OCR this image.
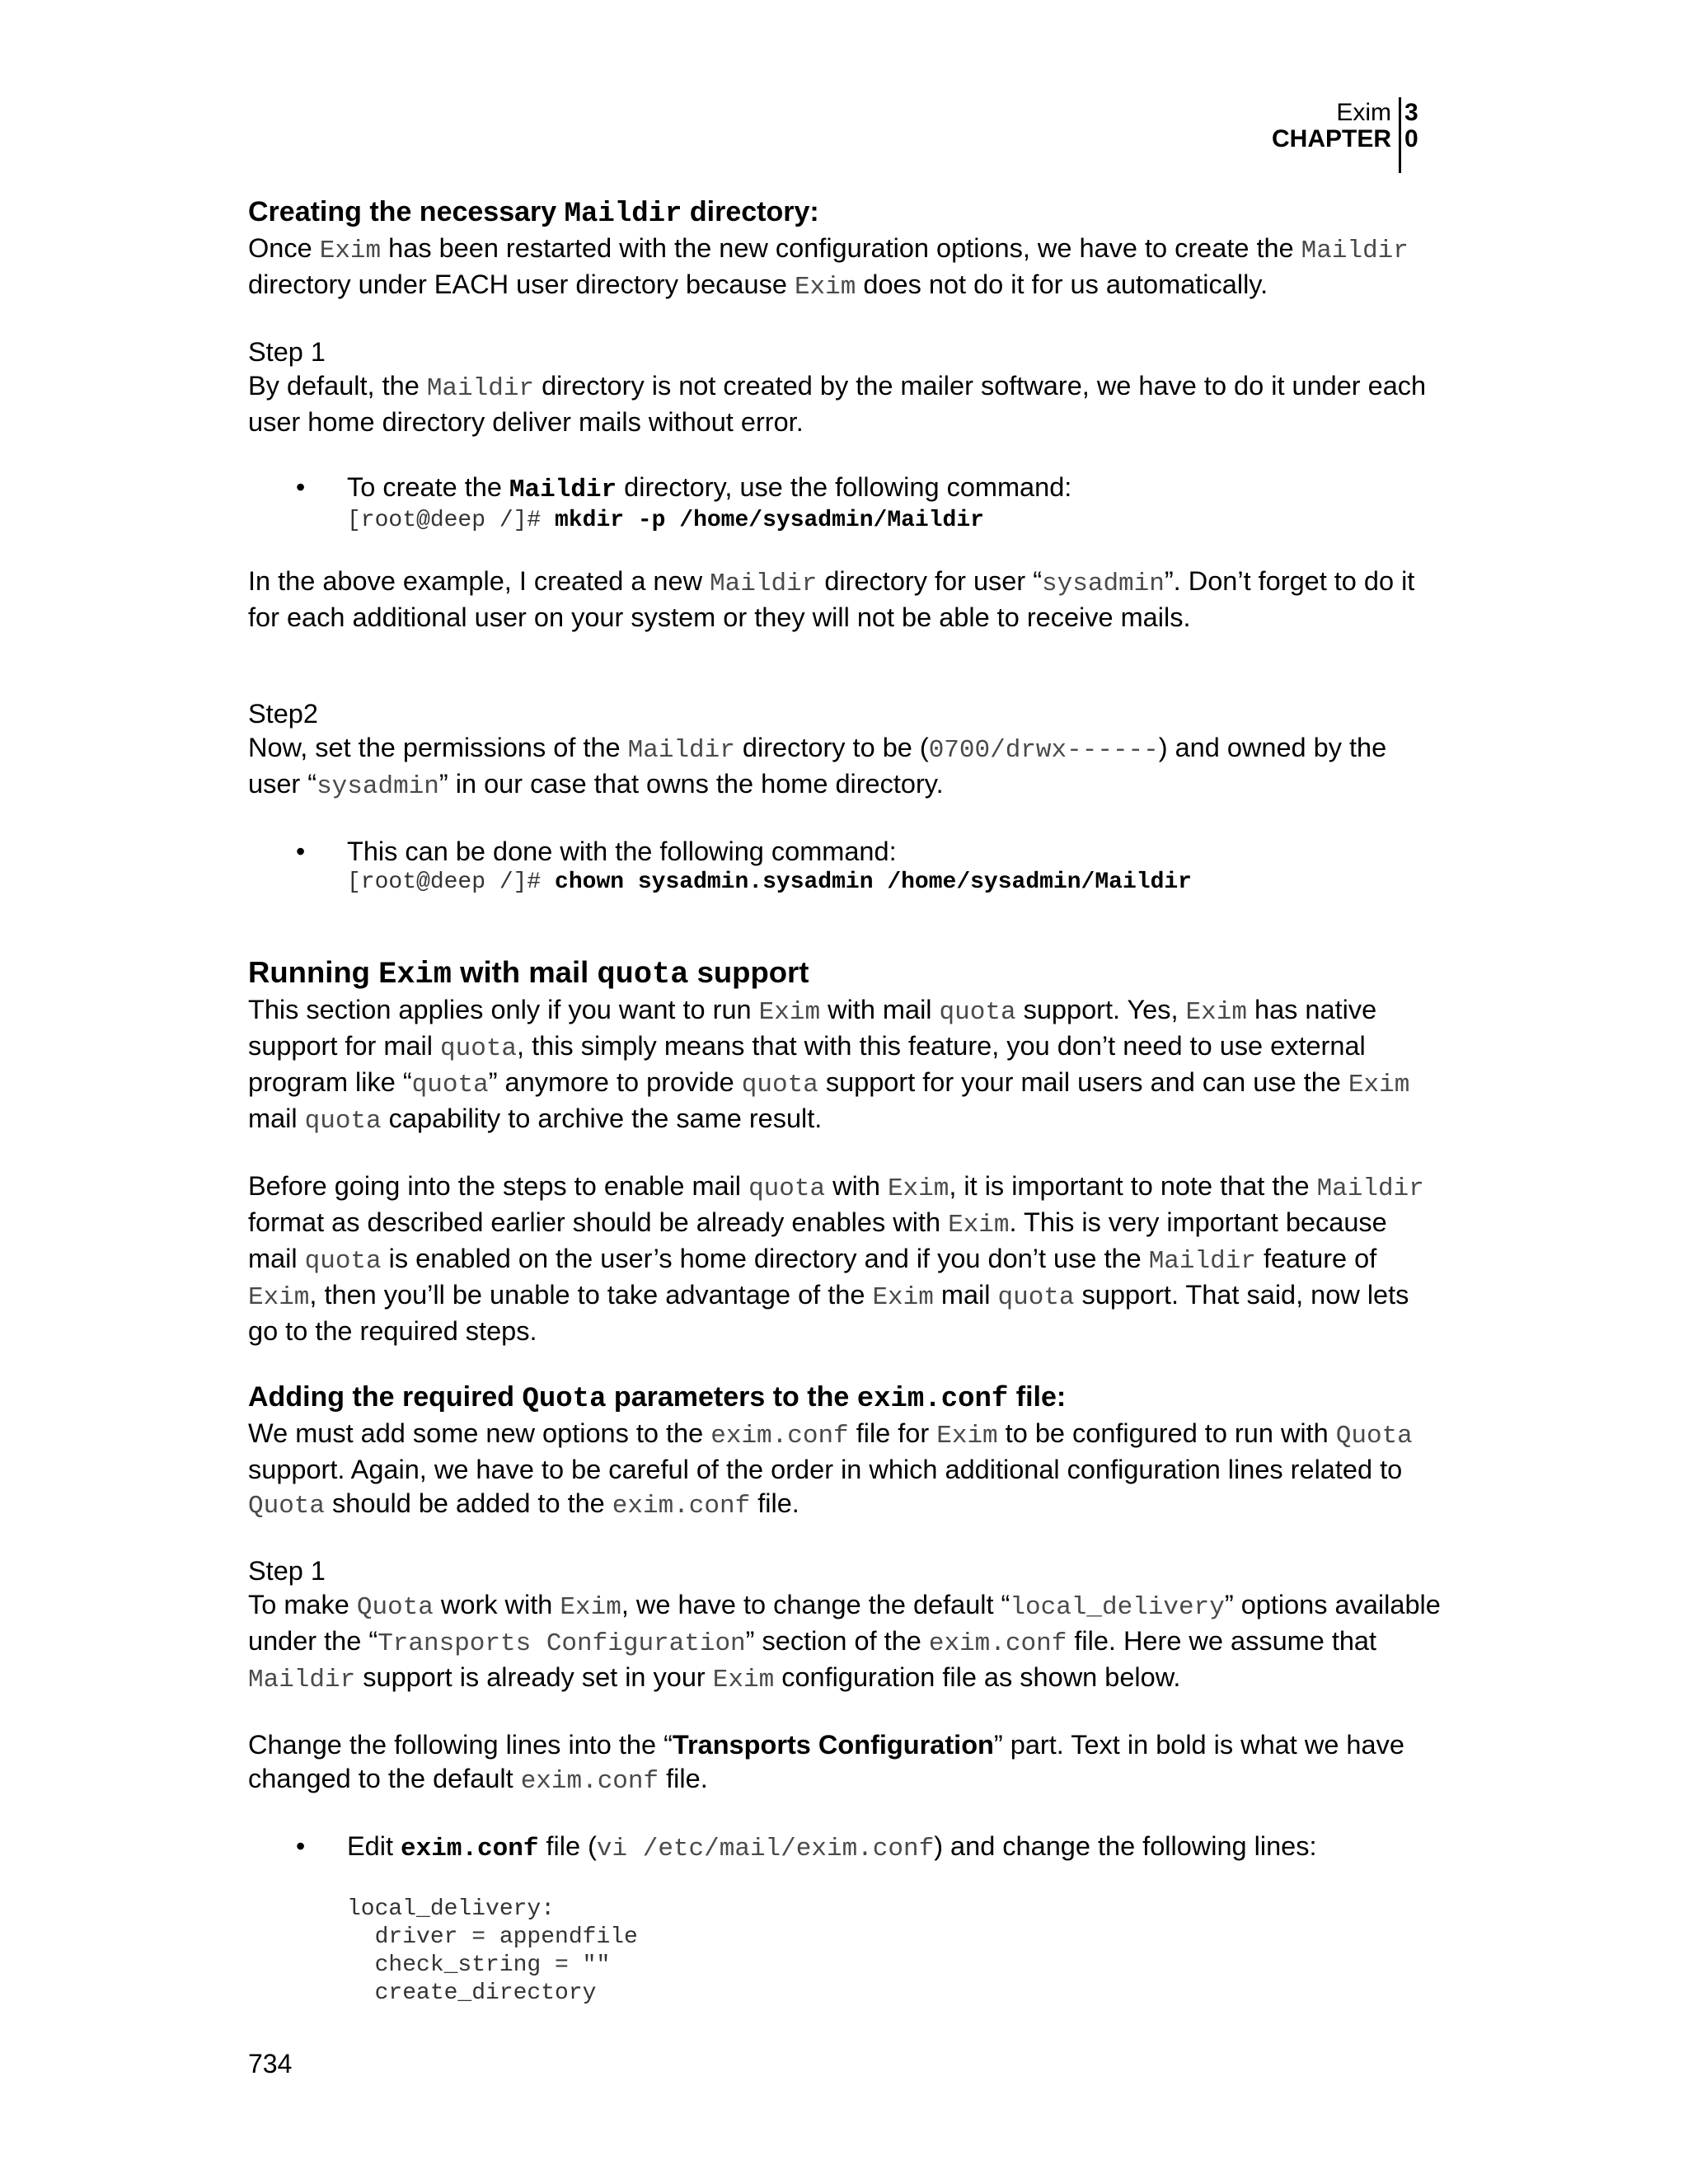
Exim
CHAPTER
3
0
Creating the necessary Maildir directory:

Once Exim has been restarted with the new configuration options, we have to create the Maildir directory under EACH user directory because Exim does not do it for us automatically.

Step 1

By default, the Maildir directory is not created by the mailer software, we have to do it under each user home directory deliver mails without error.

• To create the Maildir directory, use the following command:

[root@deep /]# mkdir -p /home/sysadmin/Maildir

In the above example, I created a new Maildir directory for user “sysadmin”. Don’t forget to do it for each additional user on your system or they will not be able to receive mails.

Step2

Now, set the permissions of the Maildir directory to be (0700/drwx------) and owned by the user “sysadmin” in our case that owns the home directory.

• This can be done with the following command:

[root@deep /]# chown sysadmin.sysadmin /home/sysadmin/Maildir

Running Exim with mail quota support

This section applies only if you want to run Exim with mail quota support. Yes, Exim has native support for mail quota, this simply means that with this feature, you don’t need to use external program like “quota” anymore to provide quota support for your mail users and can use the Exim mail quota capability to archive the same result.

Before going into the steps to enable mail quota with Exim, it is important to note that the Maildir format as described earlier should be already enables with Exim. This is very important because mail quota is enabled on the user’s home directory and if you don’t use the Maildir feature of Exim, then you’ll be unable to take advantage of the Exim mail quota support. That said, now lets go to the required steps.

Adding the required Quota parameters to the exim.conf file:

We must add some new options to the exim.conf file for Exim to be configured to run with Quota support. Again, we have to be careful of the order in which additional configuration lines related to Quota should be added to the exim.conf file.

Step 1

To make Quota work with Exim, we have to change the default “local_delivery” options available under the “Transports Configuration” section of the exim.conf file. Here we assume that Maildir support is already set in your Exim configuration file as shown below.

Change the following lines into the “Transports Configuration” part. Text in bold is what we have changed to the default exim.conf file.

• Edit exim.conf file (vi /etc/mail/exim.conf) and change the following lines:

local_delivery:
driver = appendfile
check_string = ""
create_directory
734
